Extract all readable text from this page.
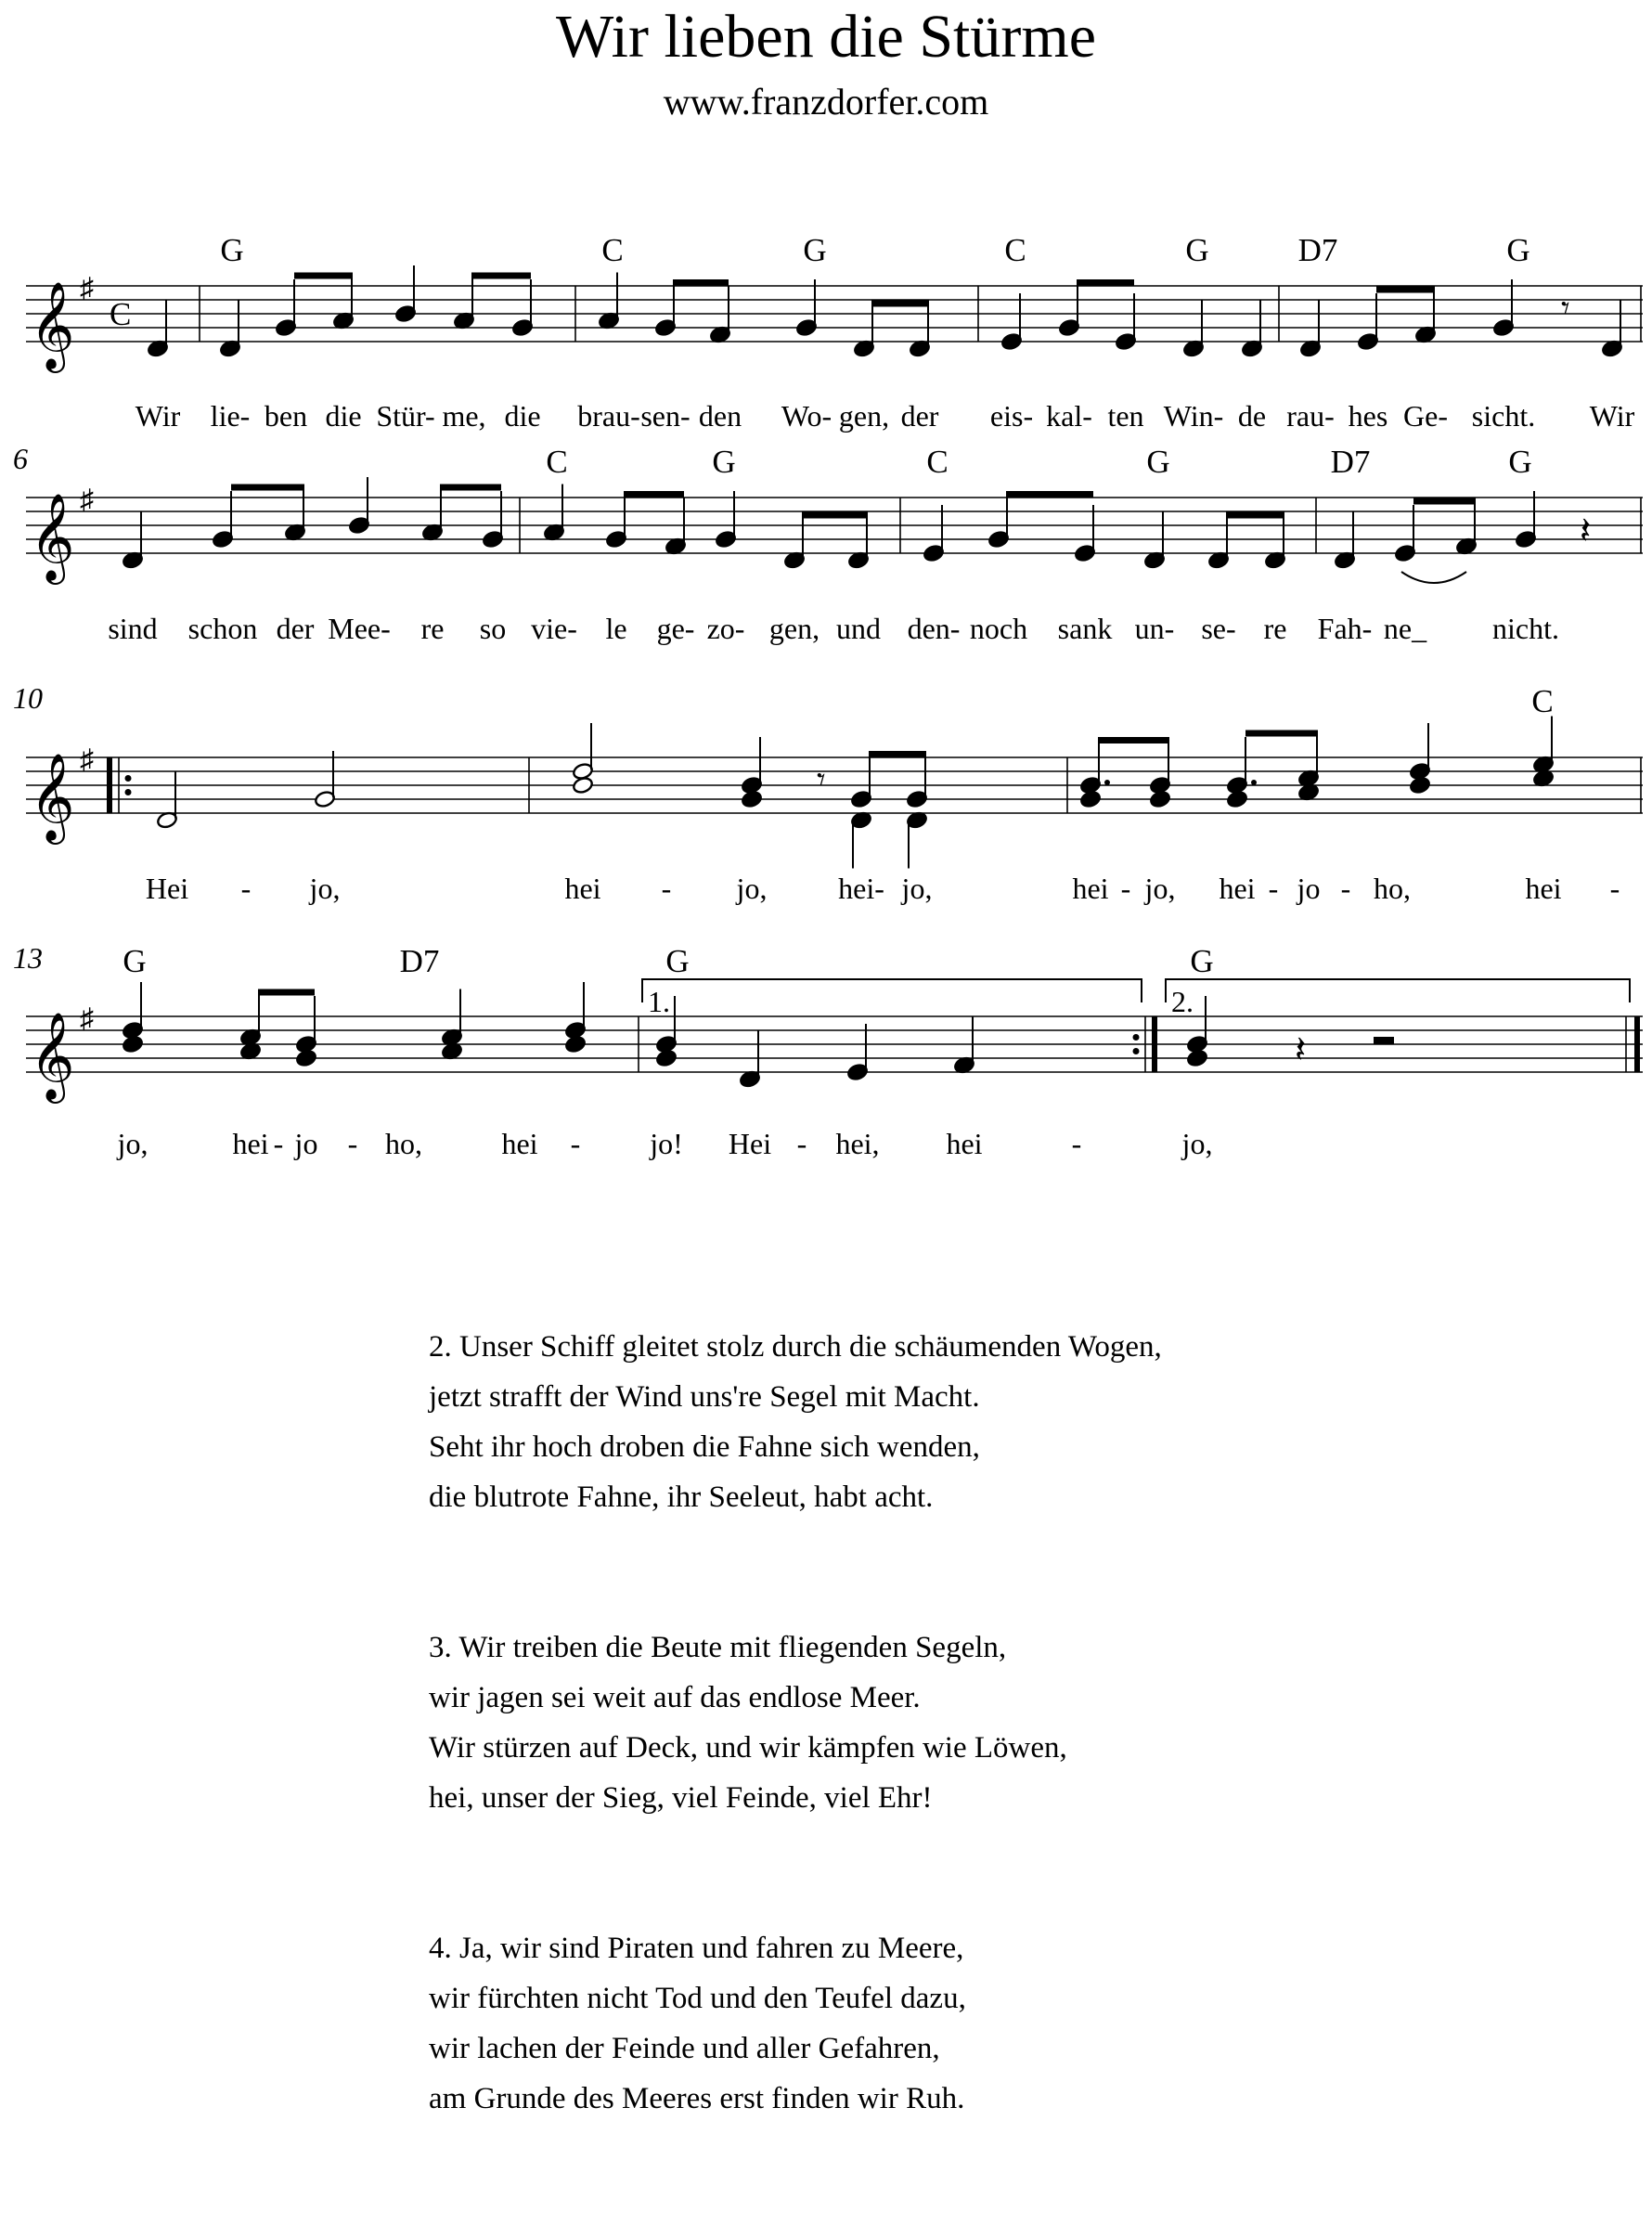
Wir lieben die Stürme
www.franzdorfer.com
G	C	G	C	G	D7	G
C	G	C	G	D7	G
6
C
10
G	D7	G	G
13
𝄞 ♯
𝄞 ♯
𝄞 ♯
𝄞 ♯
C	𝄾
𝄽
𝄾
𝄽
1.	2.
Wir lie- ben die Stür- me, die brau- sen- den Wo- gen, der eis- kal- ten Win- de rau- hes Ge- sicht. Wir
sind schon der Mee- re so vie- le ge- zo- gen, und den- noch sank un- se- re Fah- ne_ nicht.
Hei - jo,	hei - jo, hei- jo,	hei - jo, hei - jo - ho,	hei -
jo,	hei - jo - ho,	hei - jo! Hei - hei, hei	-	jo,

2. Unser Schiff gleitet stolz durch die schäumenden Wogen,
jetzt strafft der Wind uns're Segel mit Macht.
Seht ihr hoch droben die Fahne sich wenden,
die blutrote Fahne, ihr Seeleut, habt acht.

3. Wir treiben die Beute mit fliegenden Segeln,
wir jagen sei weit auf das endlose Meer.
Wir stürzen auf Deck, und wir kämpfen wie Löwen,
hei, unser der Sieg, viel Feinde, viel Ehr!

4. Ja, wir sind Piraten und fahren zu Meere,
wir fürchten nicht Tod und den Teufel dazu,
wir lachen der Feinde und aller Gefahren,
am Grunde des Meeres erst finden wir Ruh.
